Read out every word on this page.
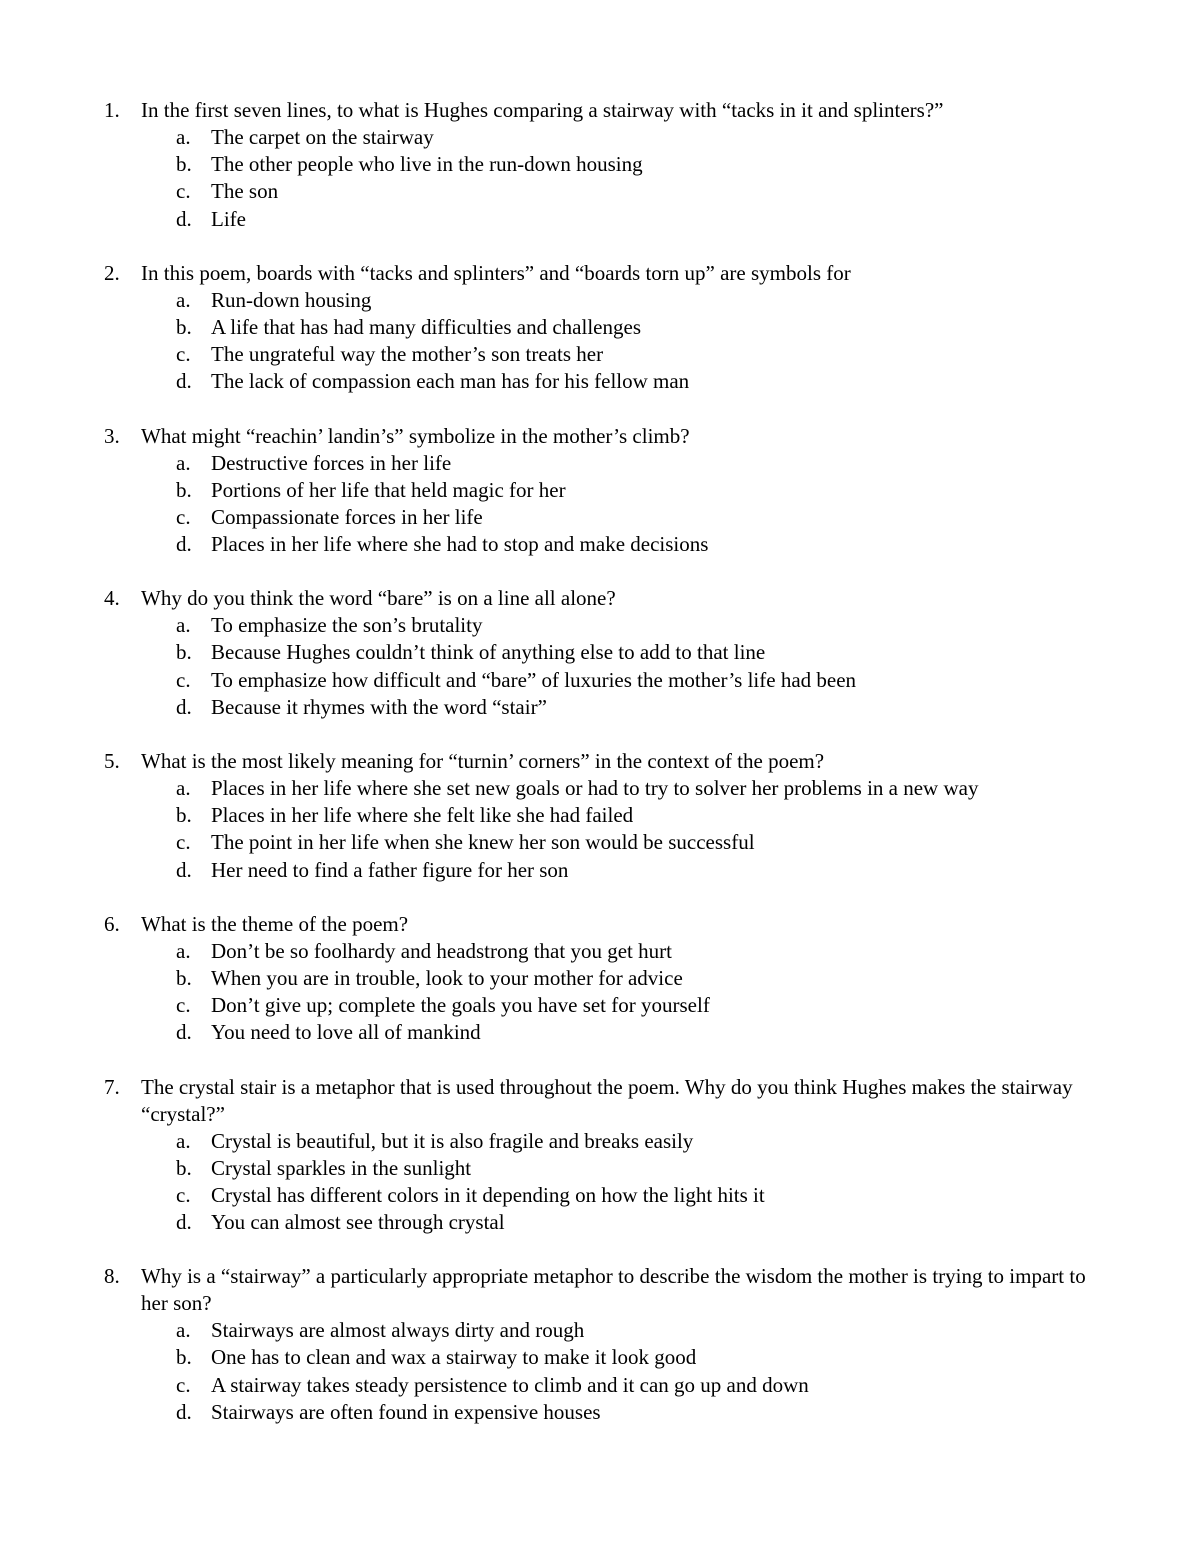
1. In the first seven lines, to what is Hughes comparing a stairway with “tacks in it and splinters?”
a. The carpet on the stairway
b. The other people who live in the run-down housing
c. The son
d. Life
2. In this poem, boards with “tacks and splinters” and “boards torn up” are symbols for
a. Run-down housing
b. A life that has had many difficulties and challenges
c. The ungrateful way the mother’s son treats her
d. The lack of compassion each man has for his fellow man
3. What might “reachin’ landin’s” symbolize in the mother’s climb?
a. Destructive forces in her life
b. Portions of her life that held magic for her
c. Compassionate forces in her life
d. Places in her life where she had to stop and make decisions
4. Why do you think the word “bare” is on a line all alone?
a. To emphasize the son’s brutality
b. Because Hughes couldn’t think of anything else to add to that line
c. To emphasize how difficult and “bare” of luxuries the mother’s life had been
d. Because it rhymes with the word “stair”
5. What is the most likely meaning for “turnin’ corners” in the context of the poem?
a. Places in her life where she set new goals or had to try to solver her problems in a new way
b. Places in her life where she felt like she had failed
c. The point in her life when she knew her son would be successful
d. Her need to find a father figure for her son
6. What is the theme of the poem?
a. Don’t be so foolhardy and headstrong that you get hurt
b. When you are in trouble, look to your mother for advice
c. Don’t give up; complete the goals you have set for yourself
d. You need to love all of mankind
7. The crystal stair is a metaphor that is used throughout the poem. Why do you think Hughes makes the stairway “crystal?”
a. Crystal is beautiful, but it is also fragile and breaks easily
b. Crystal sparkles in the sunlight
c. Crystal has different colors in it depending on how the light hits it
d. You can almost see through crystal
8. Why is a “stairway” a particularly appropriate metaphor to describe the wisdom the mother is trying to impart to her son?
a. Stairways are almost always dirty and rough
b. One has to clean and wax a stairway to make it look good
c. A stairway takes steady persistence to climb and it can go up and down
d. Stairways are often found in expensive houses
